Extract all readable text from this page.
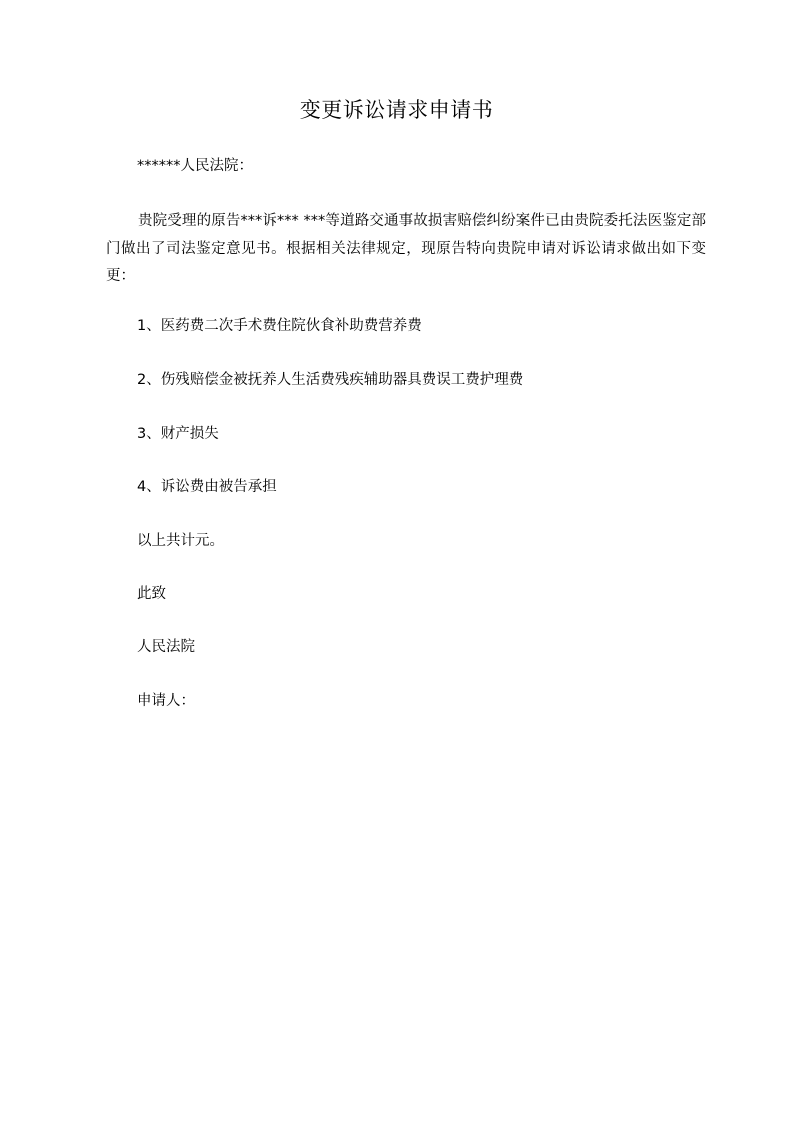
变更诉讼请求申请书
******人民法院：
贵院受理的原告***诉*** ***等道路交通事故损害赔偿纠纷案件已由贵院委托法医鉴定部门做出了司法鉴定意见书。根据相关法律规定，现原告特向贵院申请对诉讼请求做出如下变更：
1、医药费二次手术费住院伙食补助费营养费
2、伤残赔偿金被抚养人生活费残疾辅助器具费误工费护理费
3、财产损失
4、诉讼费由被告承担
以上共计元。
此致
人民法院
申请人：
